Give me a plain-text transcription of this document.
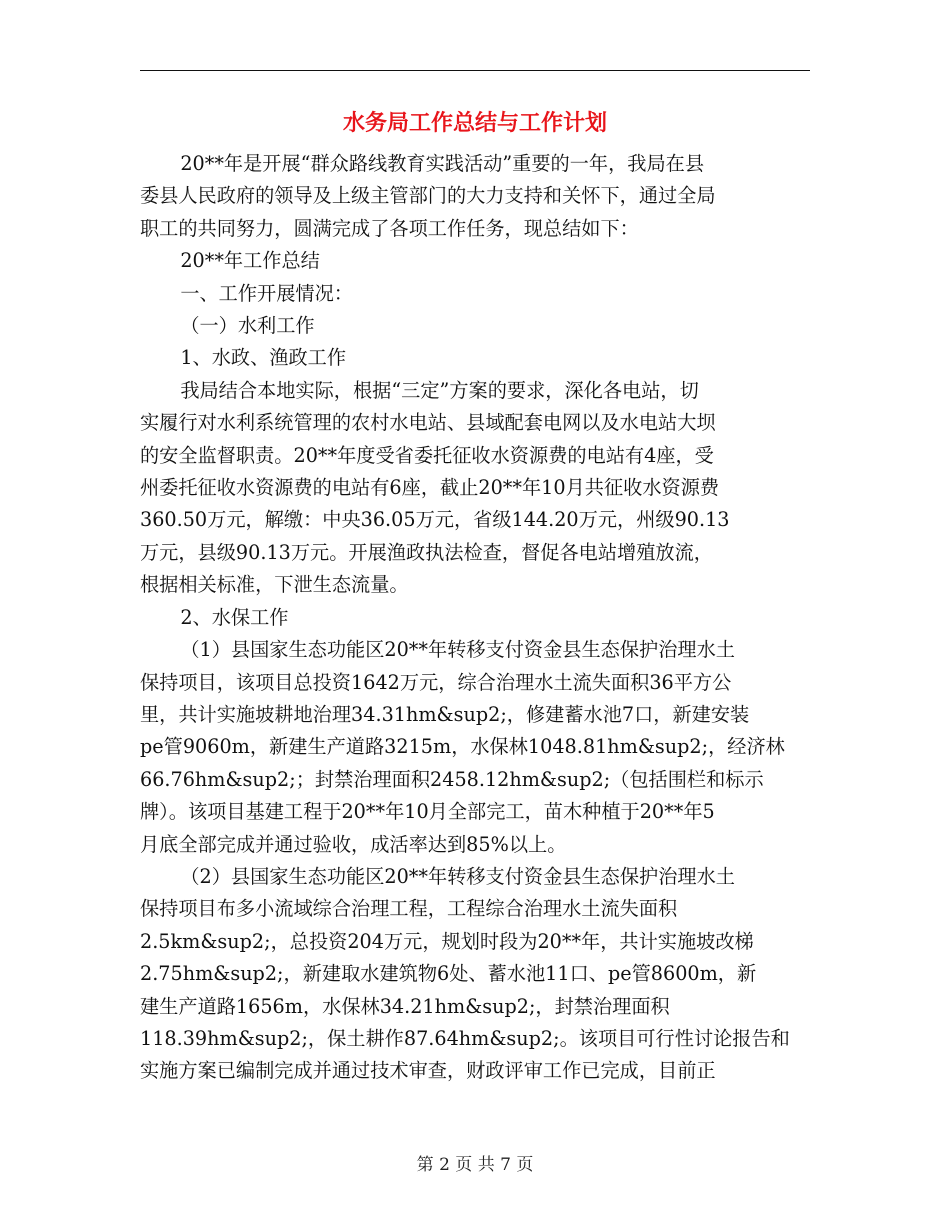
水务局工作总结与工作计划

20**年是开展“群众路线教育实践活动”重要的一年，我局在县
委县人民政府的领导及上级主管部门的大力支持和关怀下，通过全局
职工的共同努力，圆满完成了各项工作任务，现总结如下：

20**年工作总结

一、工作开展情况：

（一）水利工作

1、水政、渔政工作

我局结合本地实际，根据“三定”方案的要求，深化各电站，切
实履行对水利系统管理的农村水电站、县域配套电网以及水电站大坝
的安全监督职责。20**年度受省委托征收水资源费的电站有4座，受
州委托征收水资源费的电站有6座，截止20**年10月共征收水资源费
360.50万元，解缴：中央36.05万元，省级144.20万元，州级90.13
万元，县级90.13万元。开展渔政执法检查，督促各电站增殖放流，
根据相关标准，下泄生态流量。

2、水保工作

（1）县国家生态功能区20**年转移支付资金县生态保护治理水土
保持项目，该项目总投资1642万元，综合治理水土流失面积36平方公
里，共计实施坡耕地治理34.31hm&sup2;，修建蓄水池7口，新建安装
pe管9060m，新建生产道路3215m，水保林1048.81hm&sup2;，经济林
66.76hm&sup2;；封禁治理面积2458.12hm&sup2;（包括围栏和标示
牌）。该项目基建工程于20**年10月全部完工，苗木种植于20**年5
月底全部完成并通过验收，成活率达到85%以上。

（2）县国家生态功能区20**年转移支付资金县生态保护治理水土
保持项目布多小流域综合治理工程，工程综合治理水土流失面积
2.5km&sup2;，总投资204万元，规划时段为20**年，共计实施坡改梯
2.75hm&sup2;，新建取水建筑物6处、蓄水池11口、pe管8600m，新
建生产道路1656m，水保林34.21hm&sup2;，封禁治理面积
118.39hm&sup2;，保土耕作87.64hm&sup2;。该项目可行性讨论报告和
实施方案已编制完成并通过技术审查，财政评审工作已完成，目前正

第 2 页 共 7 页
